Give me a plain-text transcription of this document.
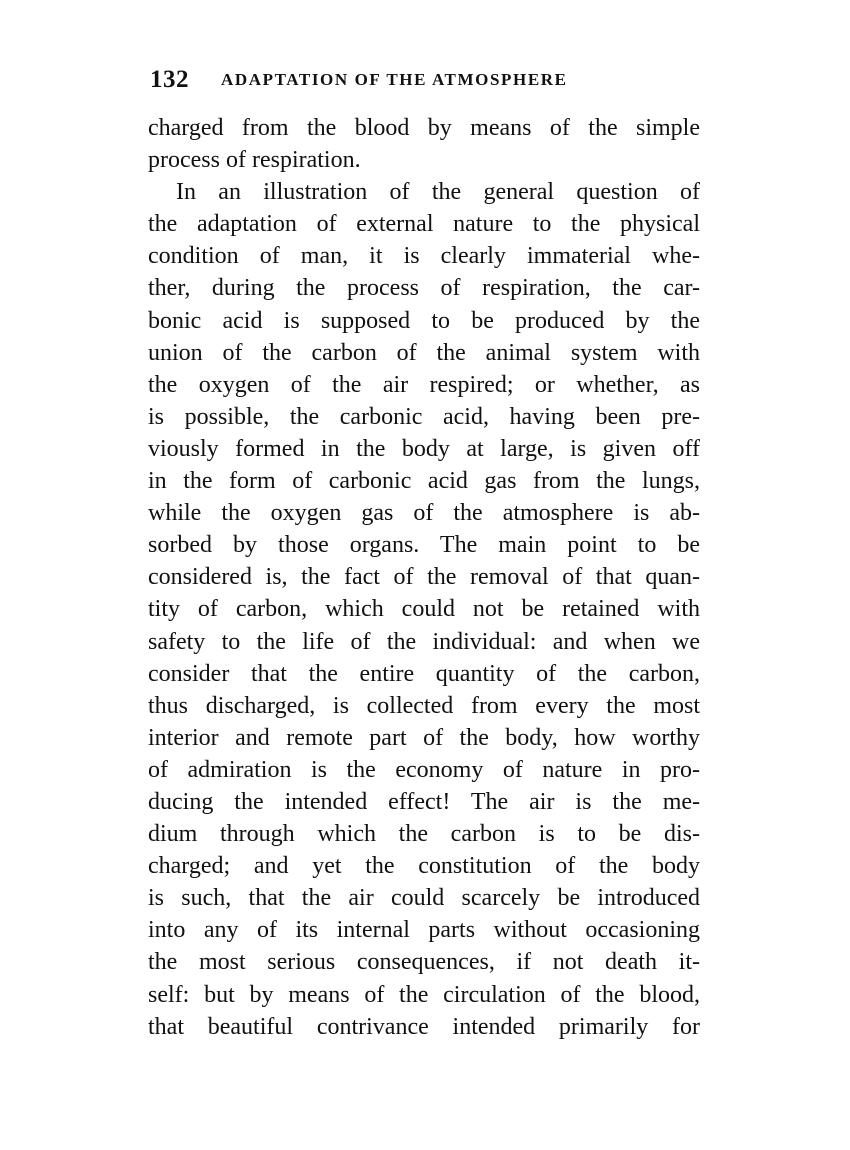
132 ADAPTATION OF THE ATMOSPHERE
charged from the blood by means of the simple
process of respiration.
In an illustration of the general question of
the adaptation of external nature to the physical
condition of man, it is clearly immaterial whe-
ther, during the process of respiration, the car-
bonic acid is supposed to be produced by the
union of the carbon of the animal system with
the oxygen of the air respired; or whether, as
is possible, the carbonic acid, having been pre-
viously formed in the body at large, is given off
in the form of carbonic acid gas from the lungs,
while the oxygen gas of the atmosphere is ab-
sorbed by those organs. The main point to be
considered is, the fact of the removal of that quan-
tity of carbon, which could not be retained with
safety to the life of the individual: and when we
consider that the entire quantity of the carbon,
thus discharged, is collected from every the most
interior and remote part of the body, how worthy
of admiration is the economy of nature in pro-
ducing the intended effect! The air is the me-
dium through which the carbon is to be dis-
charged; and yet the constitution of the body
is such, that the air could scarcely be introduced
into any of its internal parts without occasioning
the most serious consequences, if not death it-
self: but by means of the circulation of the blood,
that beautiful contrivance intended primarily for
